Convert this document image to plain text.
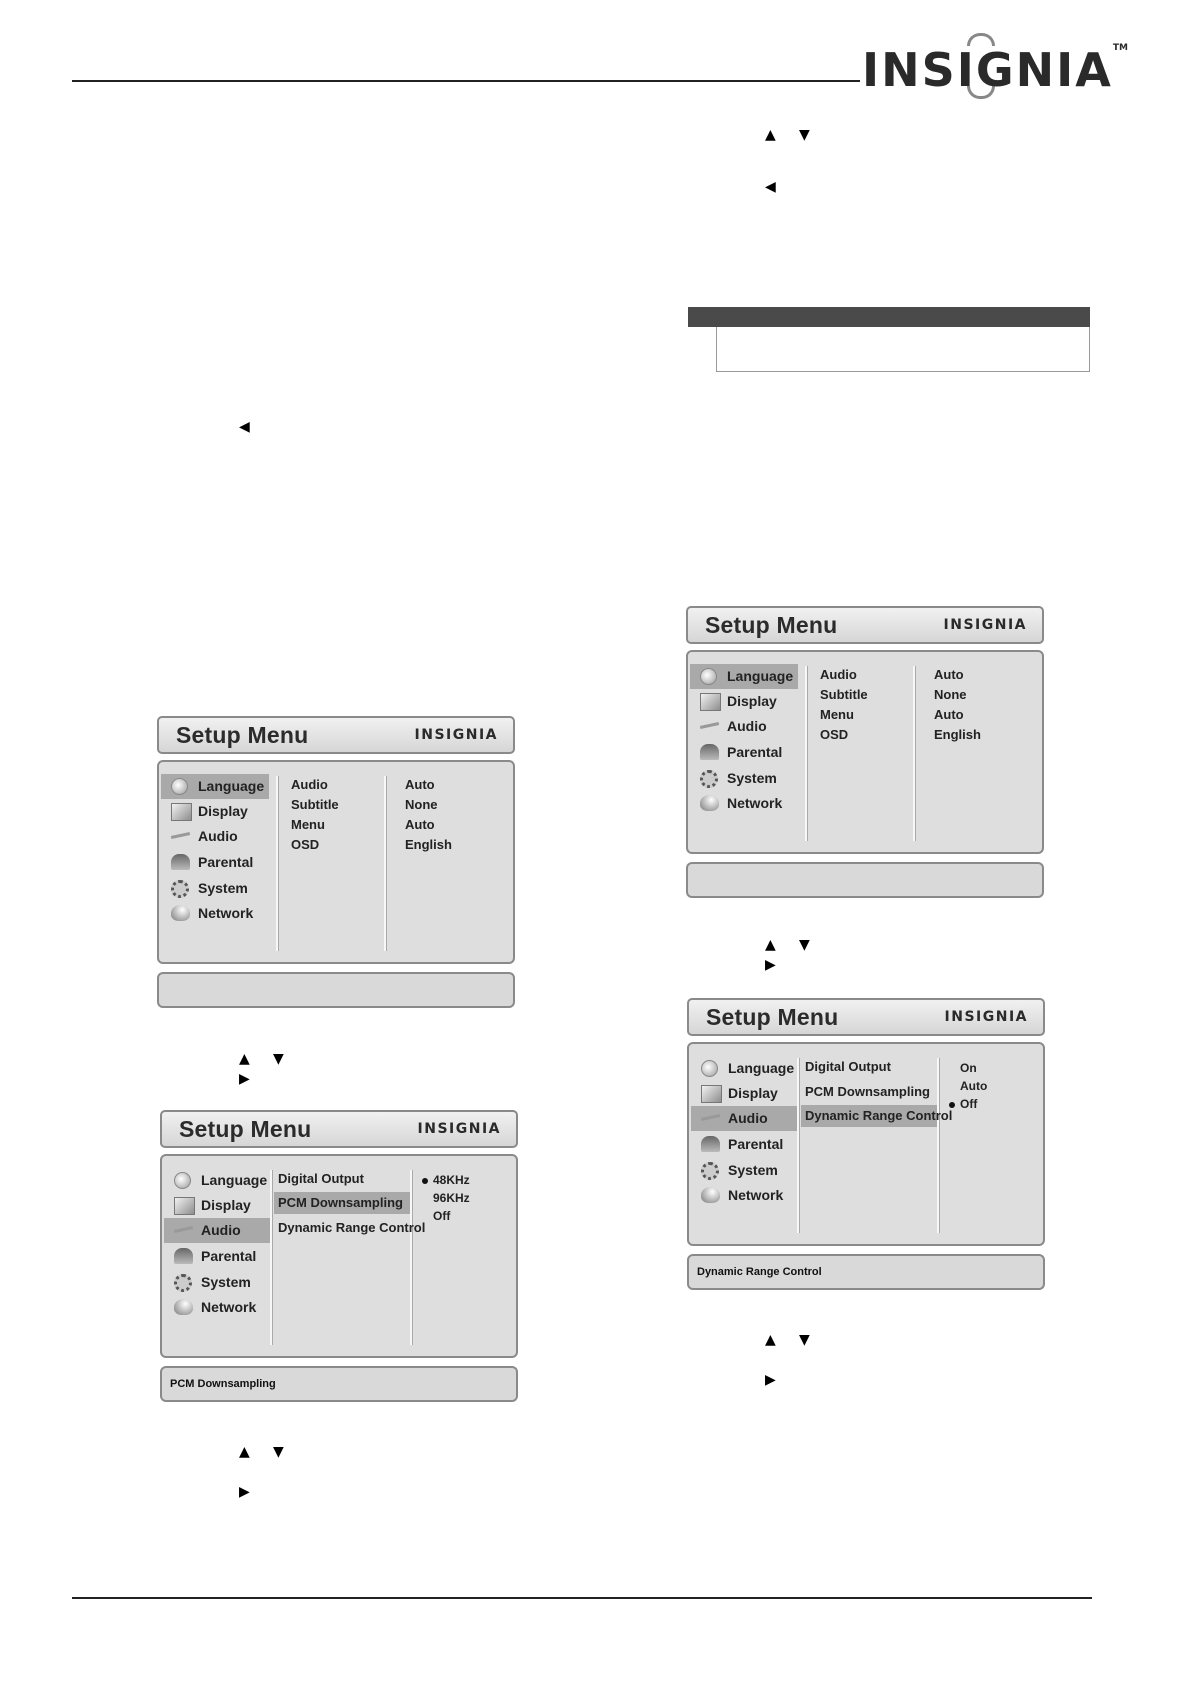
INSIGNIA™
◀
▲ ▼
▶
▲ ▼
▶
▲ ▼
◀
▲ ▼
▶
▲ ▼
▶
Setup Menu	INSIGNIA
Language
Display
Audio
Parental
System
Network
Audio
Subtitle
Menu
OSD
Auto
None
Auto
English
Setup Menu	INSIGNIA
Language
Display
Audio
Parental
System
Network
Digital Output
PCM Downsampling
Dynamic Range Control
48KHz
96KHz
Off
PCM Downsampling
Setup Menu	INSIGNIA
Language
Display
Audio
Parental
System
Network
Audio
Subtitle
Menu
OSD
Auto
None
Auto
English
Setup Menu	INSIGNIA
Language
Display
Audio
Parental
System
Network
Digital Output
PCM Downsampling
Dynamic Range Control
On
Auto
Off
Dynamic Range Control
